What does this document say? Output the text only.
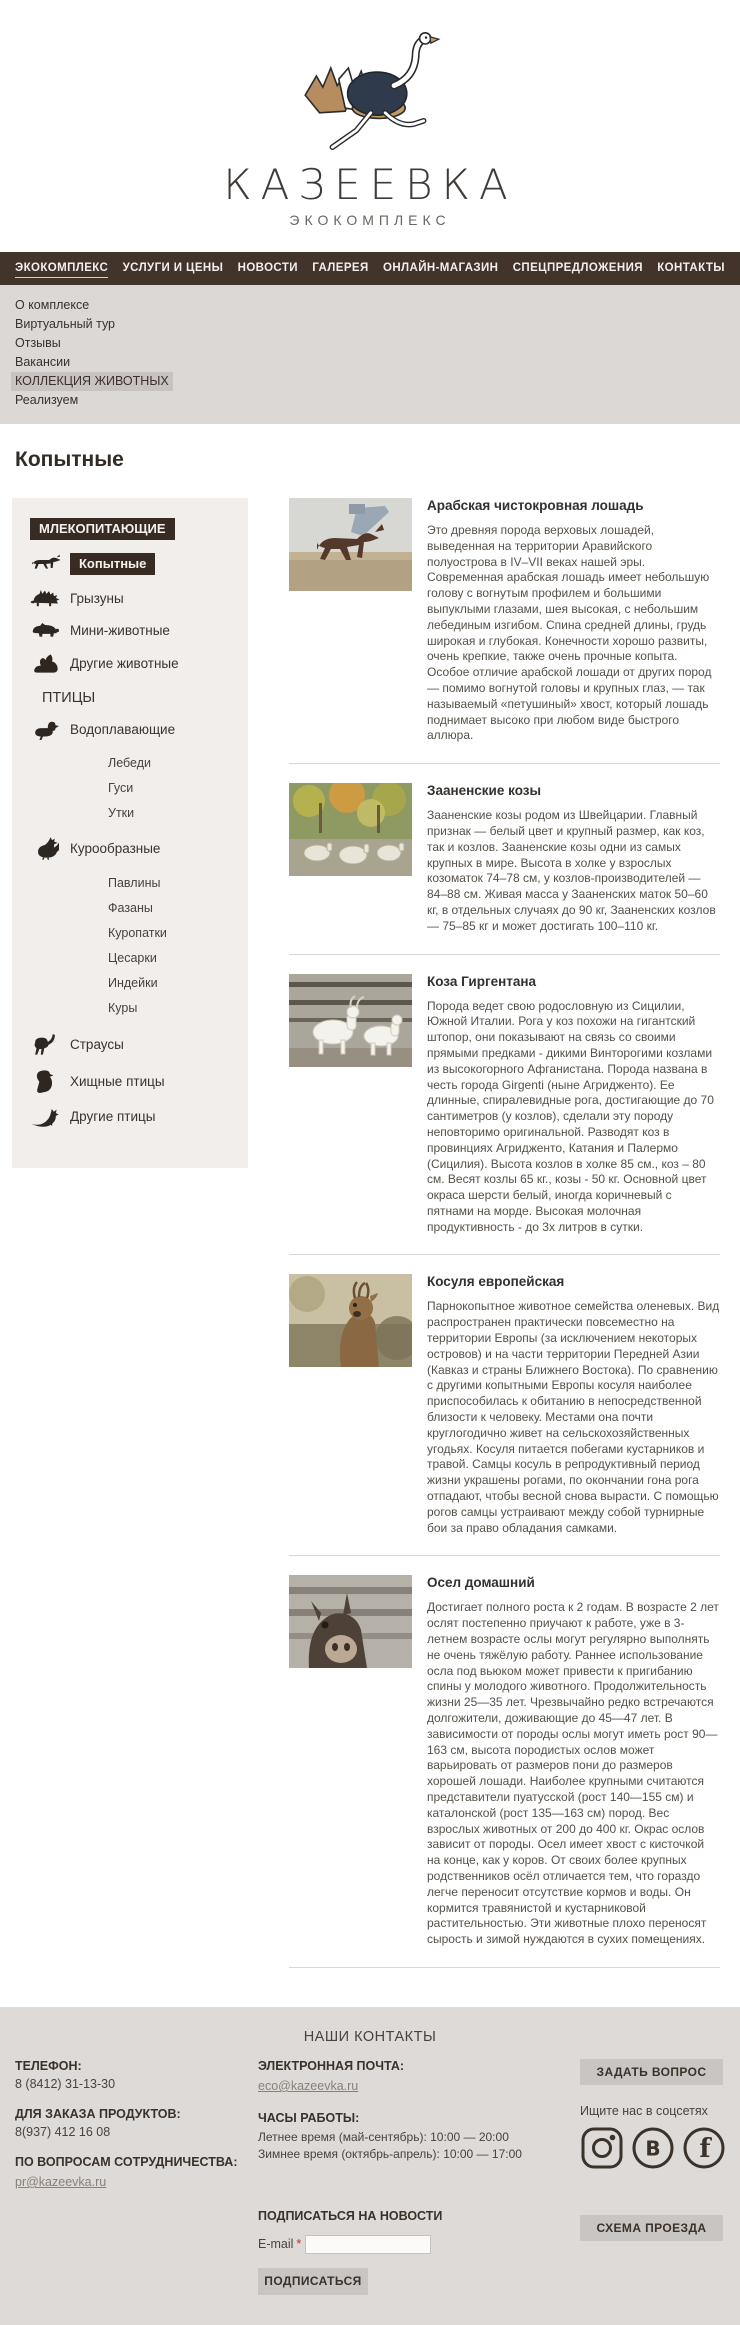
КАЗЕЕВКА
ЭКОКОМПЛЕКС
ЭКОКОМПЛЕКС УСЛУГИ И ЦЕНЫ НОВОСТИ ГАЛЕРЕЯ ОНЛАЙН-МАГАЗИН СПЕЦПРЕДЛОЖЕНИЯ КОНТАКТЫ
О комплексе
Виртуальный тур
Отзывы
Вакансии
КОЛЛЕКЦИЯ ЖИВОТНЫХ
Реализуем
Копытные
МЛЕКОПИТАЮЩИЕ
Копытные
Грызуны
Мини-животные
Другие животные
ПТИЦЫ
Водоплавающие
Лебеди
Гуси
Утки
Курообразные
Павлины
Фазаны
Куропатки
Цесарки
Индейки
Куры
Страусы
Хищные птицы
Другие птицы
Арабская чистокровная лошадь

Это древняя порода верховых лошадей, выведенная на территории Аравийского полуострова в IV–VII веках нашей эры. Современная арабская лошадь имеет небольшую голову с вогнутым профилем и большими выпуклыми глазами, шея высокая, с небольшим лебединым изгибом. Спина средней длины, грудь широкая и глубокая. Конечности хорошо развиты, очень крепкие, также очень прочные копыта. Особое отличие арабской лошади от других пород — помимо вогнутой головы и крупных глаз, — так называемый «петушиный» хвост, который лошадь поднимает высоко при любом виде быстрого аллюра.

Зааненские козы

Зааненские козы родом из Швейцарии. Главный признак — белый цвет и крупный размер, как коз, так и козлов. Зааненские козы одни из самых крупных в мире. Высота в холке у взрослых козоматок 74–78 см, у козлов-производителей — 84–88 см. Живая масса у Зааненских маток 50–60 кг, в отдельных случаях до 90 кг, Зааненских козлов — 75–85 кг и может достигать 100–110 кг.

Коза Гиргентана

Порода ведет свою родословную из Сицилии, Южной Италии. Рога у коз похожи на гигантский штопор, они показывают на связь со своими прямыми предками - дикими Винторогими козлами из высокогорного Афганистана. Порода названа в честь города Girgenti (ныне Агридженто). Ее длинные, спиралевидные рога, достигающие до 70 сантиметров (у козлов), сделали эту породу неповторимо оригинальной. Разводят коз в провинциях Агридженто, Катания и Палермо (Сицилия). Высота козлов в холке 85 см., коз – 80 см. Весят козлы 65 кг., козы - 50 кг. Основной цвет окраса шерсти белый, иногда коричневый с пятнами на морде. Высокая молочная продуктивность - до 3х литров в сутки.

Косуля европейская

Парнокопытное животное семейства оленевых. Вид распространен практически повсеместно на территории Европы (за исключением некоторых островов) и на части территории Передней Азии (Кавказ и страны Ближнего Востока). По сравнению с другими копытными Европы косуля наиболее приспособилась к обитанию в непосредственной близости к человеку. Местами она почти круглогодично живет на сельскохозяйственных угодьях. Косуля питается побегами кустарников и травой. Самцы косуль в репродуктивный период жизни украшены рогами, по окончании гона рога отпадают, чтобы весной снова вырасти. С помощью рогов самцы устраивают между собой турнирные бои за право обладания самками.

Осел домашний

Достигает полного роста к 2 годам. В возрасте 2 лет ослят постепенно приучают к работе, уже в 3-летнем возрасте ослы могут регулярно выполнять не очень тяжёлую работу. Раннее использование осла под вьюком может привести к пригибанию спины у молодого животного. Продолжительность жизни 25—35 лет. Чрезвычайно редко встречаются долгожители, доживающие до 45—47 лет. В зависимости от породы ослы могут иметь рост 90—163 см, высота породистых ослов может варьировать от размеров пони до размеров хорошей лошади. Наиболее крупными считаются представители пуатусской (рост 140—155 см) и каталонской (рост 135—163 см) пород. Вес взрослых животных от 200 до 400 кг. Окрас ослов зависит от породы. Осел имеет хвост с кисточкой на конце, как у коров. От своих более крупных родственников осёл отличается тем, что гораздо легче переносит отсутствие кормов и воды. Он кормится травянистой и кустарниковой растительностью. Эти животные плохо переносят сырость и зимой нуждаются в сухих помещениях.

НАШИ КОНТАКТЫ
ТЕЛЕФОН:
8 (8412) 31-13-30
ДЛЯ ЗАКАЗА ПРОДУКТОВ:
8(937) 412 16 08
ПО ВОПРОСАМ СОТРУДНИЧЕСТВА:
pr@kazeevka.ru
ЭЛЕКТРОННАЯ ПОЧТА:
eco@kazeevka.ru
ЧАСЫ РАБОТЫ:
Летнее время (май-сентябрь): 10:00 — 20:00
Зимнее время (октябрь-апрель): 10:00 — 17:00
ПОДПИСАТЬСЯ НА НОВОСТИ
E-mail *
ПОДПИСАТЬСЯ
ЗАДАТЬ ВОПРОС
Ищите нас в соцсетях
В f
СХЕМА ПРОЕЗДА
